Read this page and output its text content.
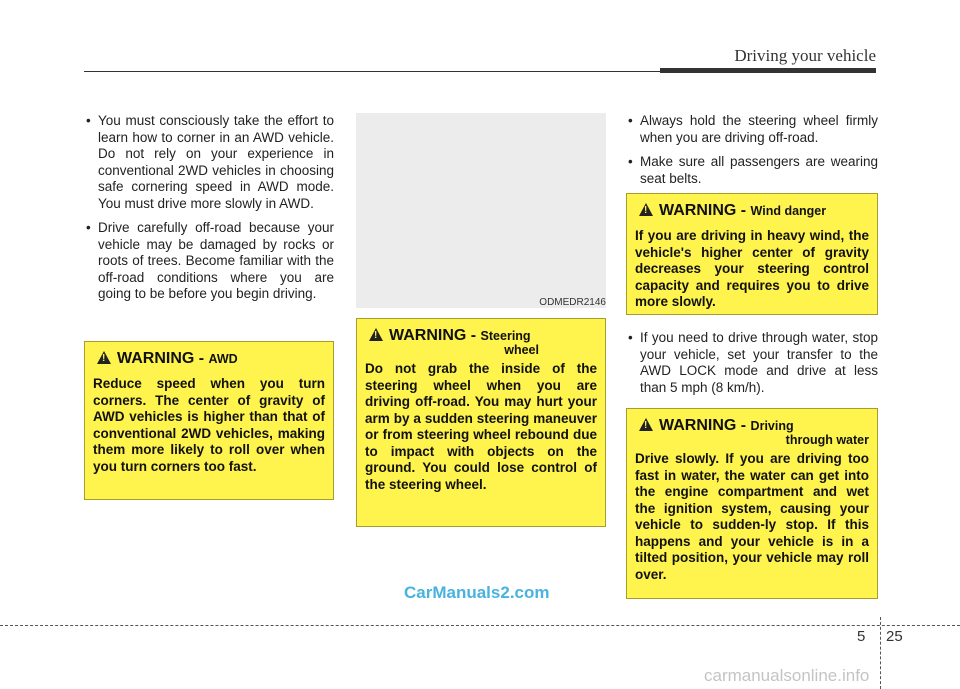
Driving your vehicle
• You must consciously take the effort to learn how to corner in an AWD vehicle. Do not rely on your experience in conventional 2WD vehicles in choosing safe cornering speed in AWD mode. You must drive more slowly in AWD.
• Drive carefully off-road because your vehicle may be damaged by rocks or roots of trees. Become familiar with the off-road conditions where you are going to be before you begin driving.
!
WARNING - AWD
Reduce speed when you turn corners. The center of gravity of AWD vehicles is higher than that of conventional 2WD vehicles, making them more likely to roll over when you turn corners too fast.
ODMEDR2146
!
WARNING - Steering
wheel
Do not grab the inside of the steering wheel when you are driving off-road. You may hurt your arm by a sudden steering maneuver or from steering wheel rebound due to impact with objects on the ground. You could lose control of the steering wheel.
• Always hold the steering wheel firmly when you are driving off-road.
• Make sure all passengers are wearing seat belts.
!
WARNING - Wind danger
If you are driving in heavy wind, the vehicle's higher center of gravity decreases your steering control capacity and requires you to drive more slowly.
• If you need to drive through water, stop your vehicle, set your transfer to the AWD LOCK mode and drive at less than 5 mph (8 km/h).
!
WARNING - Driving
through water
Drive slowly. If you are driving too fast in water, the water can get into the engine compartment and wet the ignition system, causing your vehicle to sudden-ly stop. If this happens and your vehicle is in a tilted position, your vehicle may roll over.
CarManuals2.com
5 25
carmanualsonline.info
